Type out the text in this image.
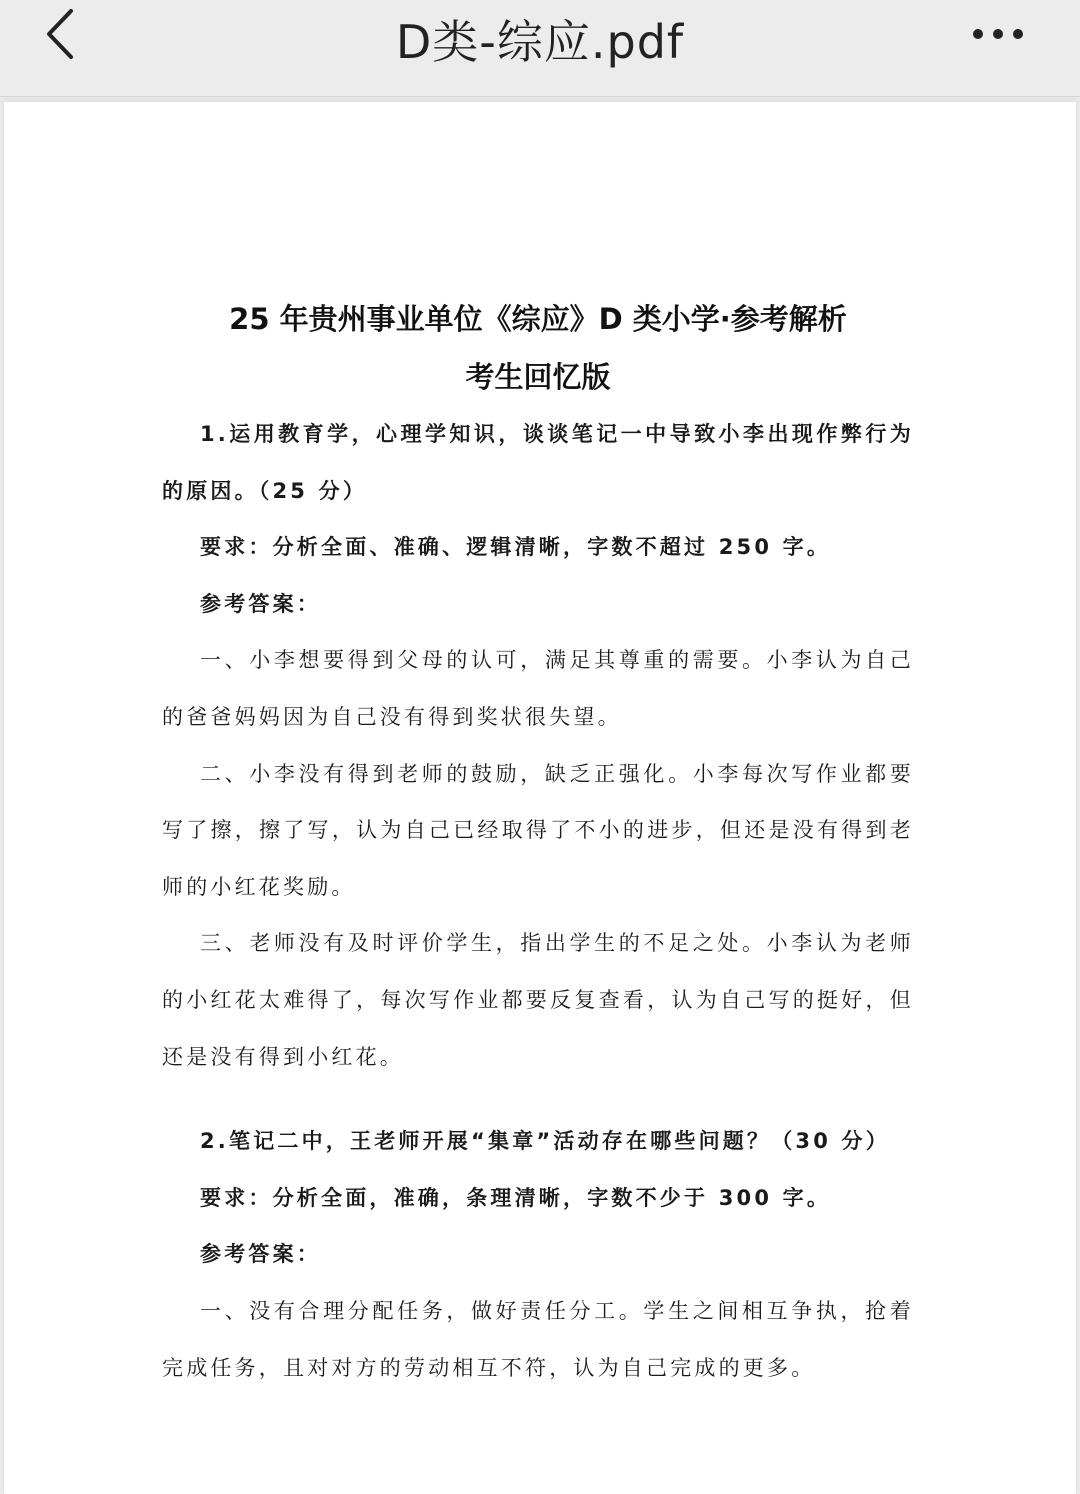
D类-综应.pdf

25 年贵州事业单位《综应》D 类小学·参考解析

考生回忆版

1.运用教育学，心理学知识，谈谈笔记一中导致小李出现作弊行为的原因。（25 分）

要求：分析全面、准确、逻辑清晰，字数不超过 250 字。

参考答案：

一、小李想要得到父母的认可，满足其尊重的需要。小李认为自己的爸爸妈妈因为自己没有得到奖状很失望。

二、小李没有得到老师的鼓励，缺乏正强化。小李每次写作业都要写了擦，擦了写，认为自己已经取得了不小的进步，但还是没有得到老师的小红花奖励。

三、老师没有及时评价学生，指出学生的不足之处。小李认为老师的小红花太难得了，每次写作业都要反复查看，认为自己写的挺好，但还是没有得到小红花。

2.笔记二中，王老师开展“集章”活动存在哪些问题？（30 分）

要求：分析全面，准确，条理清晰，字数不少于 300 字。

参考答案：

一、没有合理分配任务，做好责任分工。学生之间相互争执，抢着完成任务，且对对方的劳动相互不符，认为自己完成的更多。
